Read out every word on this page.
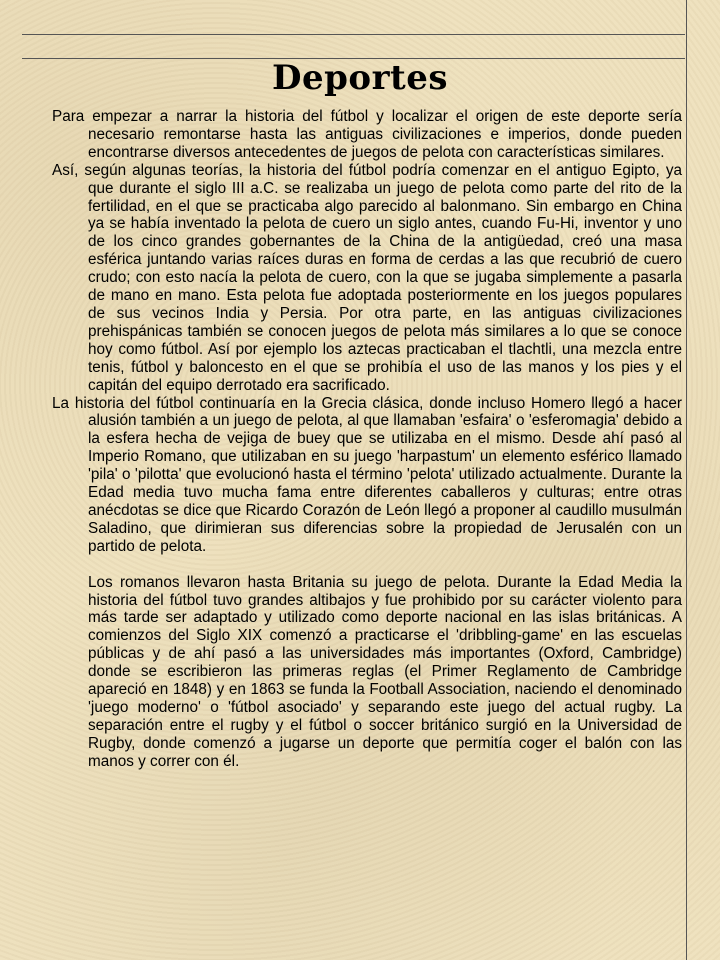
Deportes

Para empezar a narrar la historia del fútbol y localizar el origen de este deporte sería necesario remontarse hasta las antiguas civilizaciones e imperios, donde pueden encontrarse diversos antecedentes de juegos de pelota con características similares.

Así, según algunas teorías, la historia del fútbol podría comenzar en el antiguo Egipto, ya que durante el siglo III a.C. se realizaba un juego de pelota como parte del rito de la fertilidad, en el que se practicaba algo parecido al balonmano. Sin embargo en China ya se había inventado la pelota de cuero un siglo antes, cuando Fu-Hi, inventor y uno de los cinco grandes gobernantes de la China de la antigüedad, creó una masa esférica juntando varias raíces duras en forma de cerdas a las que recubrió de cuero crudo; con esto nacía la pelota de cuero, con la que se jugaba simplemente a pasarla de mano en mano. Esta pelota fue adoptada posteriormente en los juegos populares de sus vecinos India y Persia. Por otra parte, en las antiguas civilizaciones prehispánicas también se conocen juegos de pelota más similares a lo que se conoce hoy como fútbol. Así por ejemplo los aztecas practicaban el tlachtli, una mezcla entre tenis, fútbol y baloncesto en el que se prohibía el uso de las manos y los pies y el capitán del equipo derrotado era sacrificado.

La historia del fútbol continuaría en la Grecia clásica, donde incluso Homero llegó a hacer alusión también a un juego de pelota, al que llamaban 'esfaira' o 'esferomagia' debido a la esfera hecha de vejiga de buey que se utilizaba en el mismo. Desde ahí pasó al Imperio Romano, que utilizaban en su juego 'harpastum' un elemento esférico llamado 'pila' o 'pilotta' que evolucionó hasta el término 'pelota' utilizado actualmente. Durante la Edad media tuvo mucha fama entre diferentes caballeros y culturas; entre otras anécdotas se dice que Ricardo Corazón de León llegó a proponer al caudillo musulmán Saladino, que dirimieran sus diferencias sobre la propiedad de Jerusalén con un partido de pelota.

Los romanos llevaron hasta Britania su juego de pelota. Durante la Edad Media la historia del fútbol tuvo grandes altibajos y fue prohibido por su carácter violento para más tarde ser adaptado y utilizado como deporte nacional en las islas británicas. A comienzos del Siglo XIX comenzó a practicarse el 'dribbling-game' en las escuelas públicas y de ahí pasó a las universidades más importantes (Oxford, Cambridge) donde se escribieron las primeras reglas (el Primer Reglamento de Cambridge apareció en 1848) y en 1863 se funda la Football Association, naciendo el denominado 'juego moderno' o 'fútbol asociado' y separando este juego del actual rugby. La separación entre el rugby y el fútbol o soccer británico surgió en la Universidad de Rugby, donde comenzó a jugarse un deporte que permitía coger el balón con las manos y correr con él.
